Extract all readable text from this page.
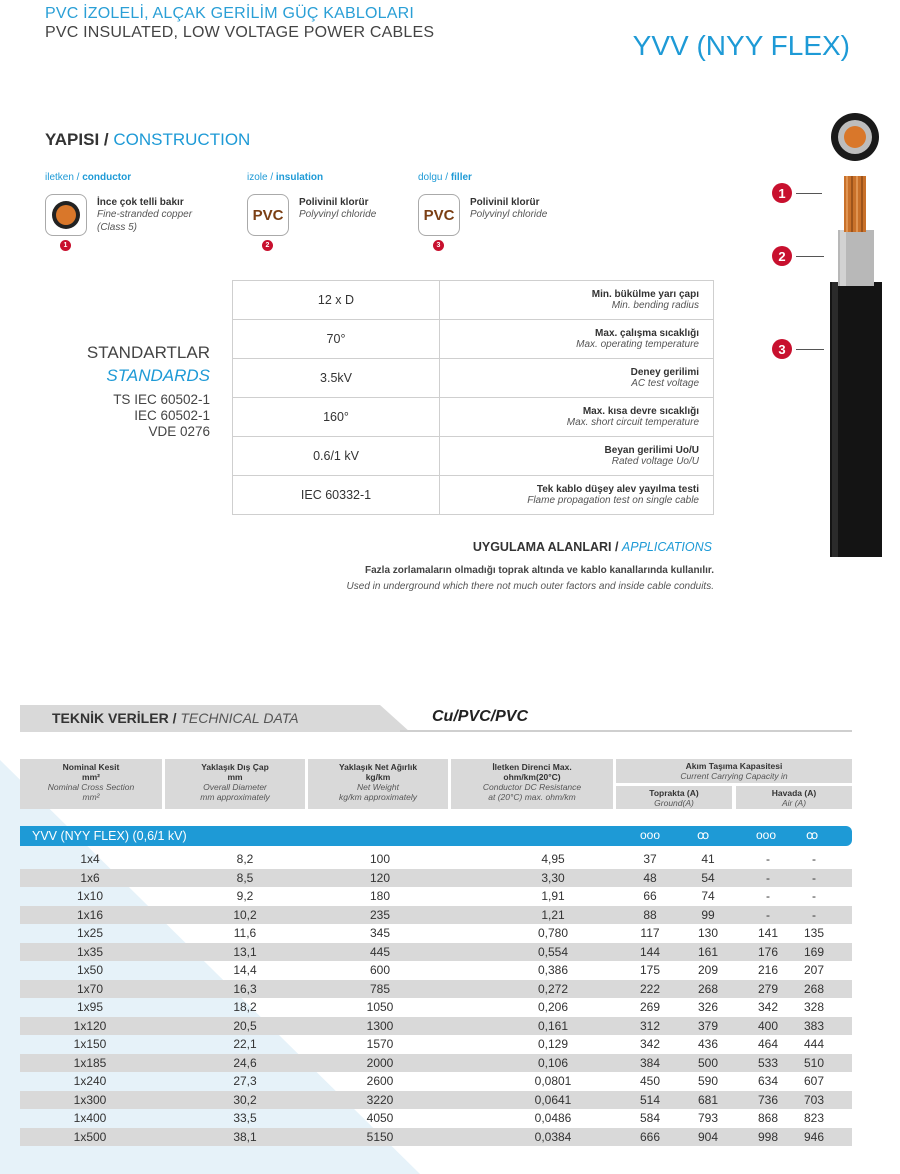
PVC İZOLELİ, ALÇAK GERİLİM GÜÇ KABLOLARI
PVC INSULATED, LOW VOLTAGE POWER CABLES	YVV (NYY FLEX)
YAPISI / CONSTRUCTION
iletken / conductor
İnce çok telli bakır
Fine-stranded copper
(Class 5)
1
izole / insulation
PVC
Polivinil klorür
Polyvinyl chloride
2
dolgu / filler
PVC
Polivinil klorür
Polyvinyl chloride
3
1
2
3
STANDARTLAR
STANDARDS
TS IEC 60502-1
IEC 60502-1
VDE 0276
12 x D	Min. bükülme yarı çapı
Min. bending radius

70°	Max. çalışma sıcaklığı
Max. operating temperature

3.5kV	Deney gerilimi
AC test voltage

160°	Max. kısa devre sıcaklığı
Max. short circuit temperature

0.6/1 kV	Beyan gerilimi Uo/U
Rated voltage Uo/U

IEC 60332-1	Tek kablo düşey alev yayılma testi
Flame propagation test on single cable
UYGULAMA ALANLARI / APPLICATIONS
Fazla zorlamaların olmadığı toprak altında ve kablo kanallarında kullanılır.
Used in underground which there not much outer factors and inside cable conduits.
TEKNİK VERİLER / TECHNICAL DATA	Cu/PVC/PVC
Nominal Kesit
mm²
Nominal Cross Section
mm²
Yaklaşık Dış Çap
mm
Overall Diameter
mm approximately
Yaklaşık Net Ağırlık
kg/km
Net Weight
kg/km approximately
İletken Direnci Max.
ohm/km(20°C)
Conductor DC Resistance
at (20°C) max. ohm/km
Akım Taşıma Kapasitesi
Current Carrying Capacity in
Toprakta (A)
Ground(A)
Havada (A)
Air (A)
YVV (NYY FLEX) (0,6/1 kV)	ooo	ꝏ	ooo ꝏ
1x4	8,2	100	4,95	37	41	-	-
1x6	8,5	120	3,30	48	54	-	-
1x10	9,2	180	1,91	66	74	-	-
1x16	10,2	235	1,21	88	99	-	-
1x25	11,6	345	0,780	117	130	141	135
1x35	13,1	445	0,554	144	161	176	169
1x50	14,4	600	0,386	175	209	216	207
1x70	16,3	785	0,272	222	268	279	268
1x95	18,2	1050	0,206	269	326	342	328
1x120	20,5	1300	0,161	312	379	400	383
1x150	22,1	1570	0,129	342	436	464	444
1x185	24,6	2000	0,106	384	500	533	510
1x240	27,3	2600	0,0801	450	590	634	607
1x300	30,2	3220	0,0641	514	681	736	703
1x400	33,5	4050	0,0486	584	793	868	823
1x500	38,1	5150	0,0384	666	904	998	946
